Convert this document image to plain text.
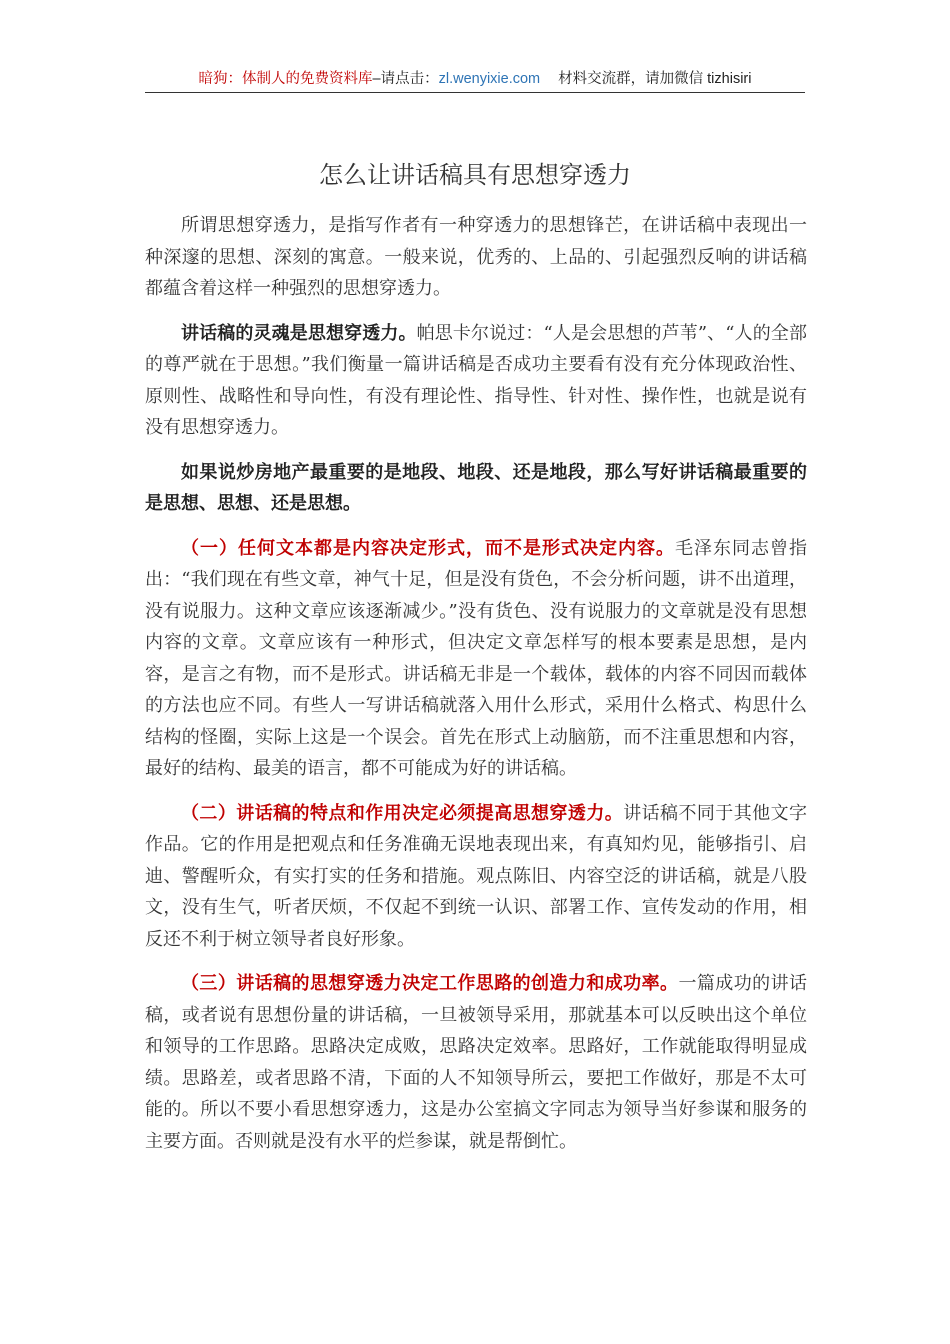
暗狗：体制人的免费资料库–请点击：zl.wenyixie.com 材料交流群，请加微信 tizhisiri
怎么让讲话稿具有思想穿透力

所谓思想穿透力，是指写作者有一种穿透力的思想锋芒，在讲话稿中表现出一种深邃的思想、深刻的寓意。一般来说，优秀的、上品的、引起强烈反响的讲话稿都蕴含着这样一种强烈的思想穿透力。

讲话稿的灵魂是思想穿透力。帕思卡尔说过：“人是会思想的芦苇”、“人的全部的尊严就在于思想。”我们衡量一篇讲话稿是否成功主要看有没有充分体现政治性、原则性、战略性和导向性，有没有理论性、指导性、针对性、操作性，也就是说有没有思想穿透力。

如果说炒房地产最重要的是地段、地段、还是地段，那么写好讲话稿最重要的是思想、思想、还是思想。

（一）任何文本都是内容决定形式，而不是形式决定内容。毛泽东同志曾指出：“我们现在有些文章，神气十足，但是没有货色，不会分析问题，讲不出道理，没有说服力。这种文章应该逐渐减少。”没有货色、没有说服力的文章就是没有思想内容的文章。文章应该有一种形式，但决定文章怎样写的根本要素是思想，是内容，是言之有物，而不是形式。讲话稿无非是一个载体，载体的内容不同因而载体的方法也应不同。有些人一写讲话稿就落入用什么形式，采用什么格式、构思什么结构的怪圈，实际上这是一个误会。首先在形式上动脑筋，而不注重思想和内容，最好的结构、最美的语言，都不可能成为好的讲话稿。

（二）讲话稿的特点和作用决定必须提高思想穿透力。讲话稿不同于其他文字作品。它的作用是把观点和任务准确无误地表现出来，有真知灼见，能够指引、启迪、警醒听众，有实打实的任务和措施。观点陈旧、内容空泛的讲话稿，就是八股文，没有生气，听者厌烦，不仅起不到统一认识、部署工作、宣传发动的作用，相反还不利于树立领导者良好形象。

（三）讲话稿的思想穿透力决定工作思路的创造力和成功率。一篇成功的讲话稿，或者说有思想份量的讲话稿，一旦被领导采用，那就基本可以反映出这个单位和领导的工作思路。思路决定成败，思路决定效率。思路好，工作就能取得明显成绩。思路差，或者思路不清，下面的人不知领导所云，要把工作做好，那是不太可能的。所以不要小看思想穿透力，这是办公室搞文字同志为领导当好参谋和服务的主要方面。否则就是没有水平的烂参谋，就是帮倒忙。
